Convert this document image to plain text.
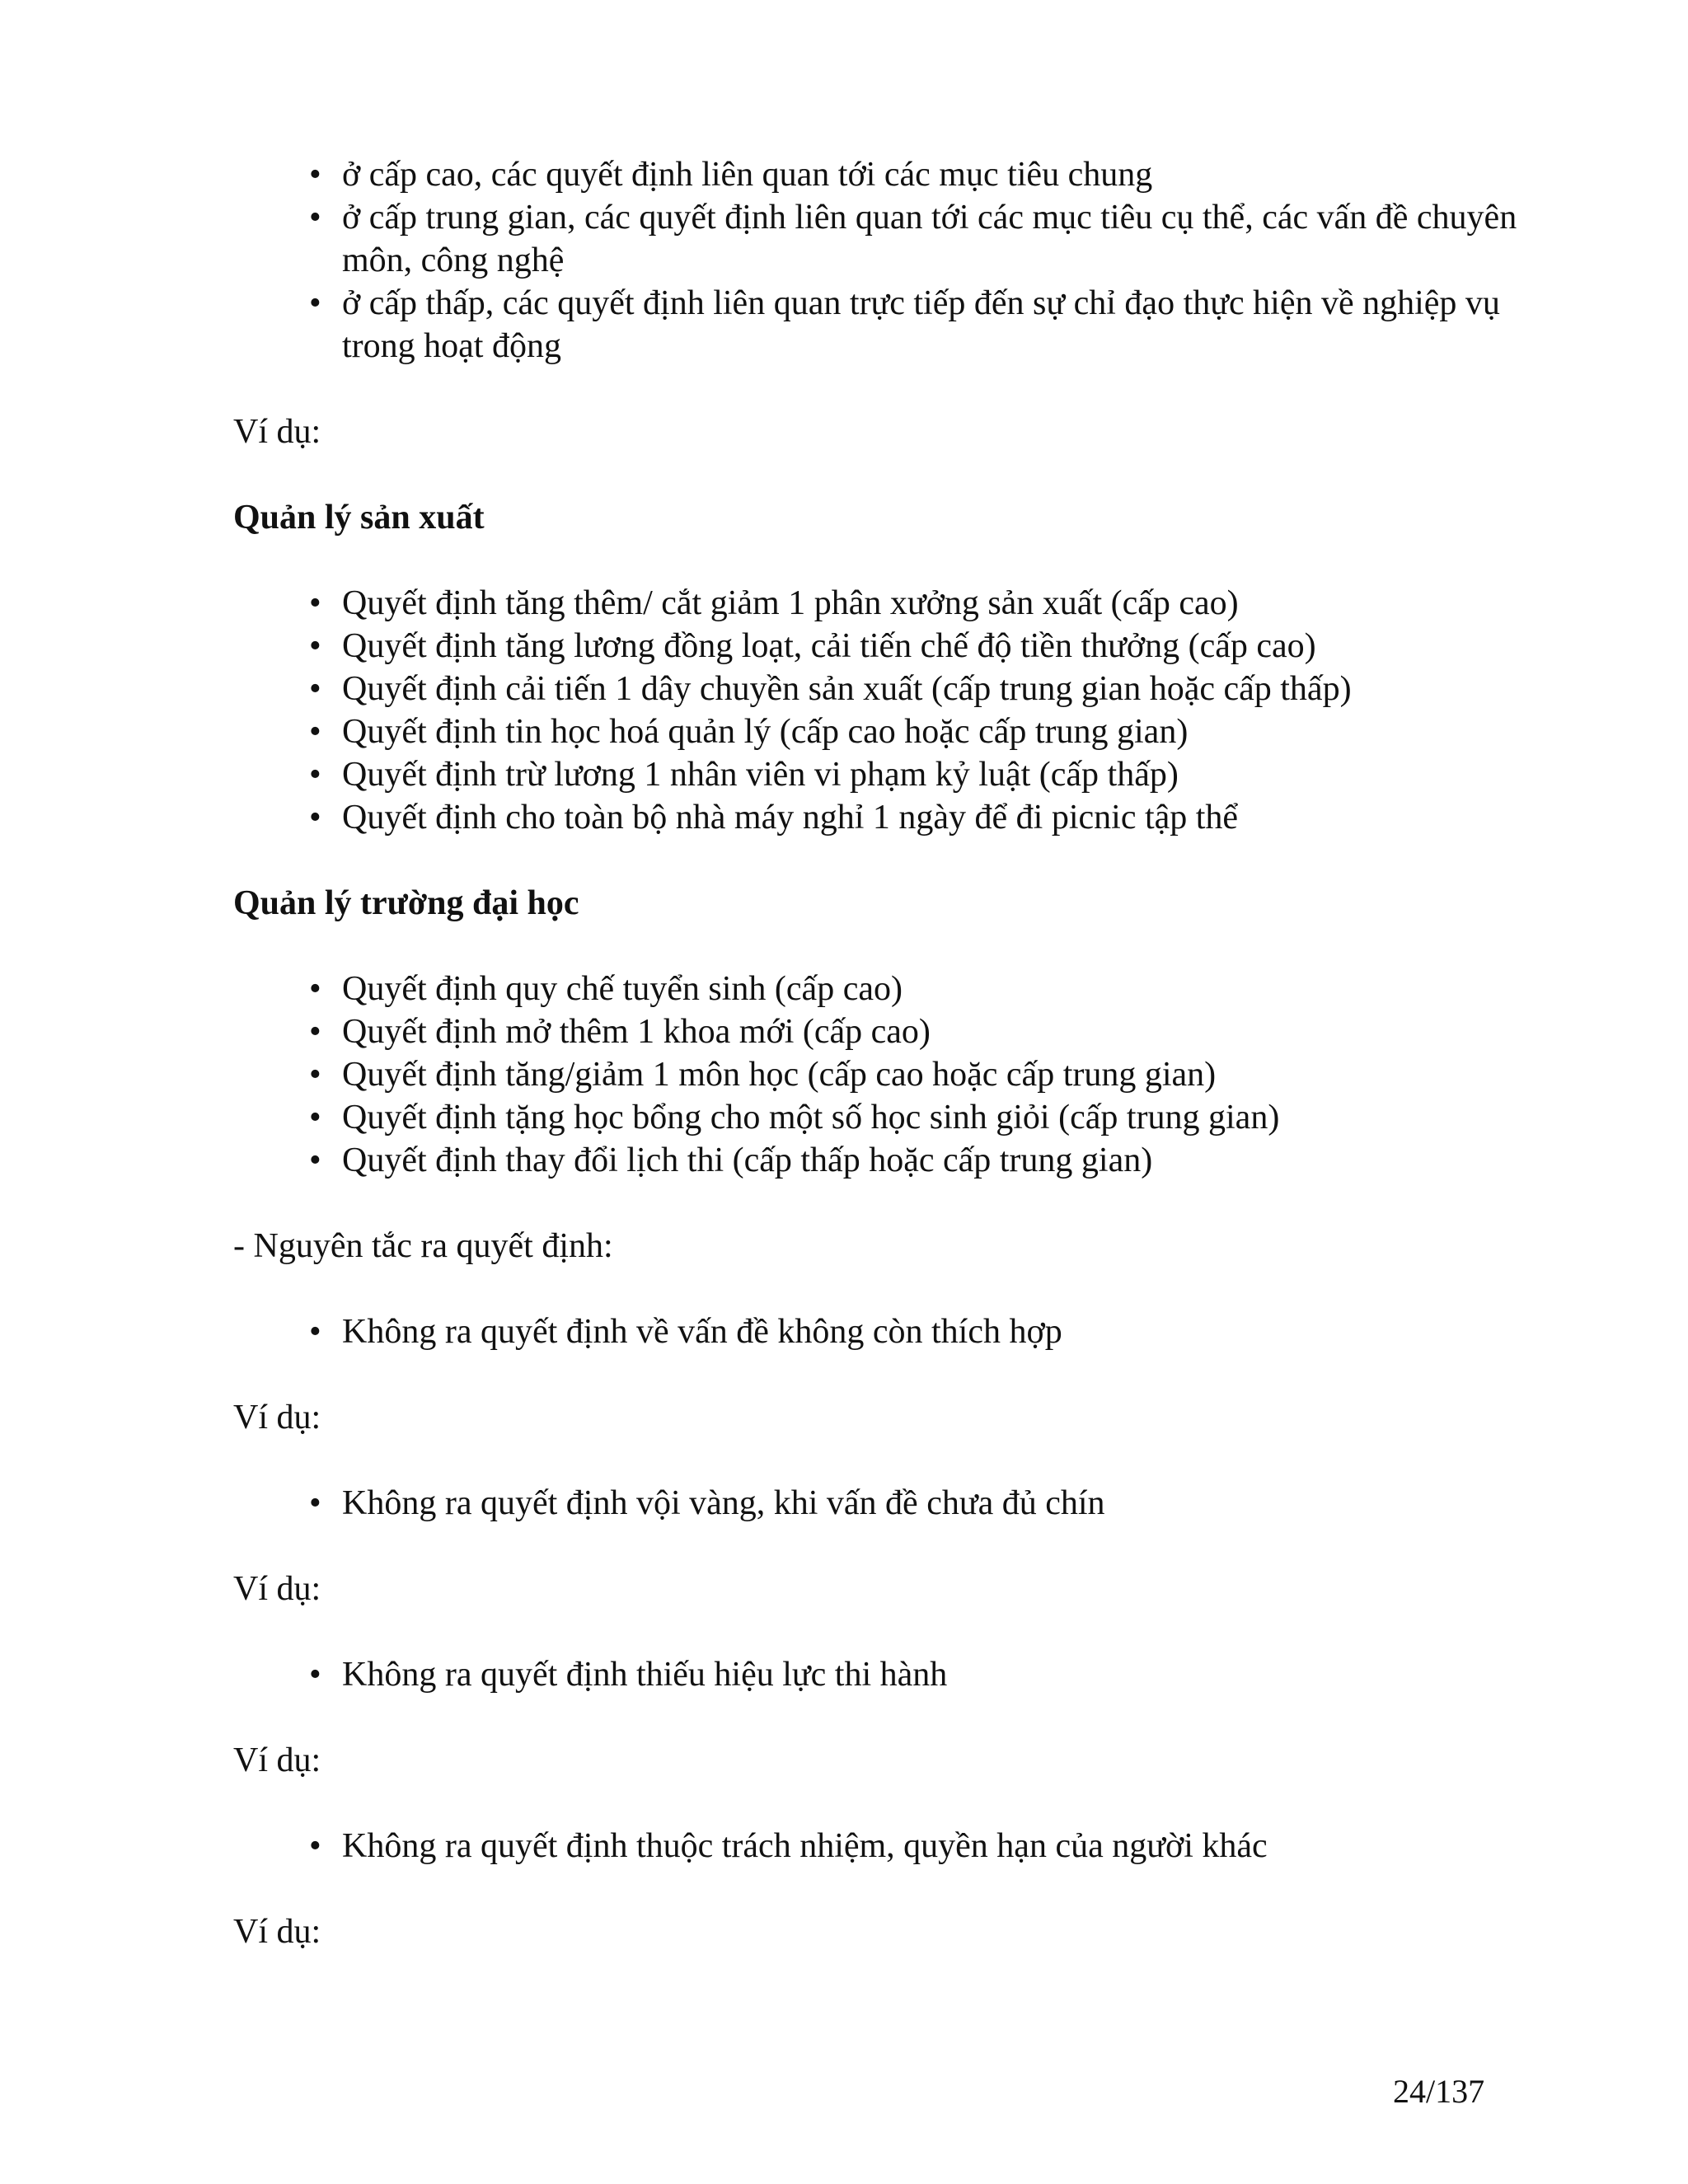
• ở cấp cao, các quyết định liên quan tới các mục tiêu chung
• ở cấp trung gian, các quyết định liên quan tới các mục tiêu cụ thể, các vấn đề chuyên môn, công nghệ
• ở cấp thấp, các quyết định liên quan trực tiếp đến sự chỉ đạo thực hiện về nghiệp vụ trong hoạt động

Ví dụ:

Quản lý sản xuất

• Quyết định tăng thêm/ cắt giảm 1 phân xưởng sản xuất (cấp cao)
• Quyết định tăng lương đồng loạt, cải tiến chế độ tiền thưởng (cấp cao)
• Quyết định cải tiến 1 dây chuyền sản xuất (cấp trung gian hoặc cấp thấp)
• Quyết định tin học hoá quản lý (cấp cao hoặc cấp trung gian)
• Quyết định trừ lương 1 nhân viên vi phạm kỷ luật (cấp thấp)
• Quyết định cho toàn bộ nhà máy nghỉ 1 ngày để đi picnic tập thể

Quản lý trường đại học

• Quyết định quy chế tuyển sinh (cấp cao)
• Quyết định mở thêm 1 khoa mới (cấp cao)
• Quyết định tăng/giảm 1 môn học (cấp cao hoặc cấp trung gian)
• Quyết định tặng học bổng cho một số học sinh giỏi (cấp trung gian)
• Quyết định thay đổi lịch thi (cấp thấp hoặc cấp trung gian)

- Nguyên tắc ra quyết định:

• Không ra quyết định về vấn đề không còn thích hợp

Ví dụ:

• Không ra quyết định vội vàng, khi vấn đề chưa đủ chín

Ví dụ:

• Không ra quyết định thiếu hiệu lực thi hành

Ví dụ:

• Không ra quyết định thuộc trách nhiệm, quyền hạn của người khác

Ví dụ:

24/137
